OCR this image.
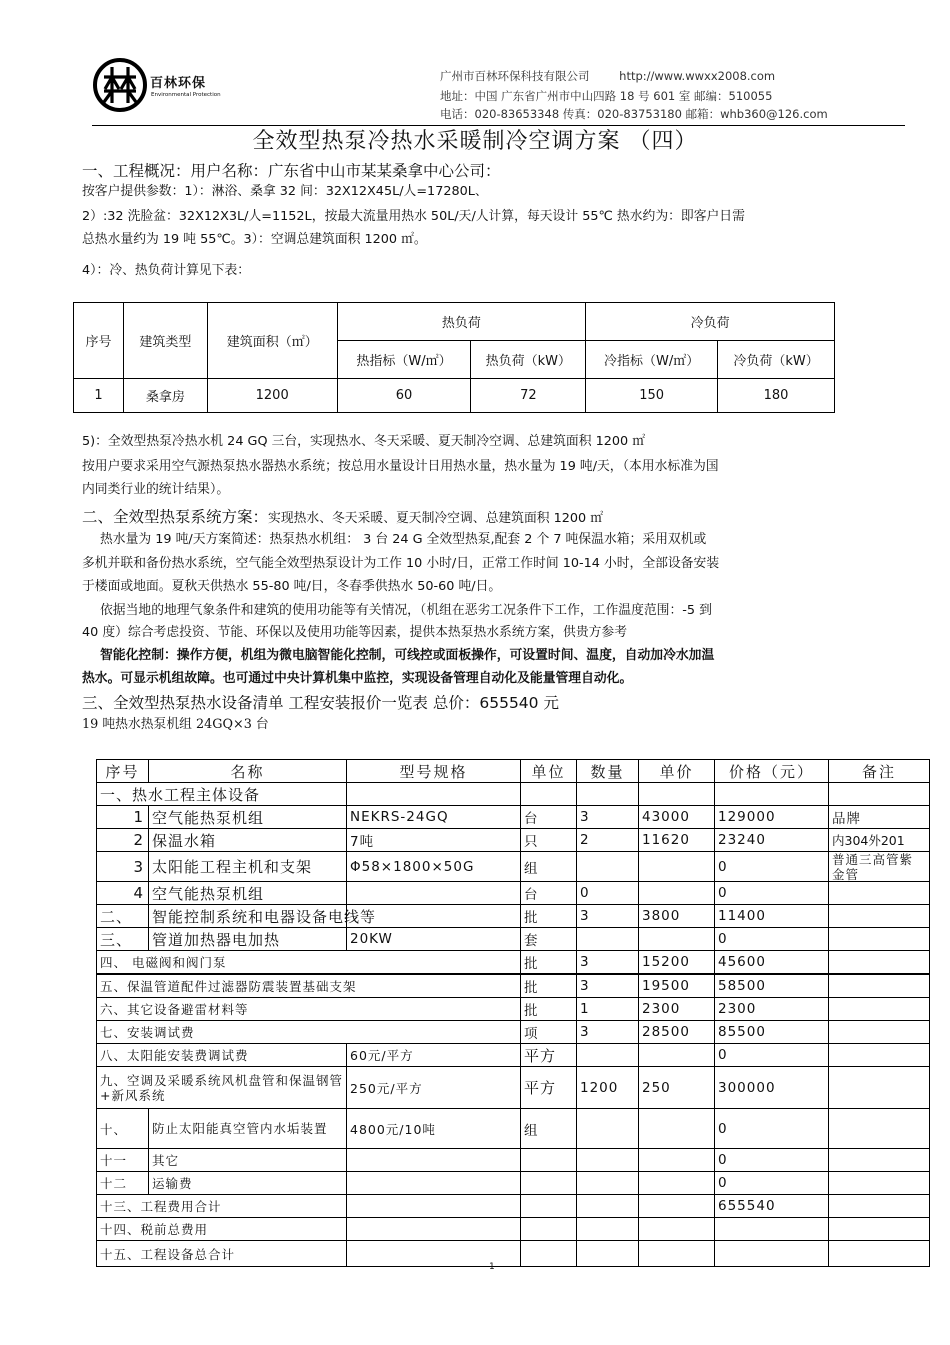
百林环保
Environmental Protection
广州市百林环保科技有限公司	http://www.wwxx2008.com
地址：中国 广东省广州市中山四路 18 号 601 室 邮编：510055
电话：020-83653348 传真：020-83753180 邮箱：whb360@126.com
全效型热泵冷热水采暖制冷空调方案 （四）
一、工程概况：用户名称：广东省中山市某某桑拿中心公司：
按客户提供参数：1）：淋浴、桑拿 32 间：32X12X45L/人=17280L、
2）:32 洗脸盆：32X12X3L/人=1152L，按最大流量用热水 50L/天/人计算，每天设计 55℃ 热水约为：即客户日需
总热水量约为 19 吨 55℃。3）：空调总建筑面积 1200 ㎡。
4）：冷、热负荷计算见下表：
序号	建筑类型	建筑面积（㎡）	热负荷		冷负荷	
			热指标（W/㎡）	热负荷（kW）	冷指标（W/㎡）	冷负荷（kW）
1	桑拿房	1200	60	72	150	180
5)：全效型热泵冷热水机 24 GQ 三台，实现热水、冬天采暖、夏天制冷空调、总建筑面积 1200 ㎡
按用户要求采用空气源热泵热水器热水系统；按总用水量设计日用热水量，热水量为 19 吨/天，（本用水标准为国
内同类行业的统计结果）。
二、全效型热泵系统方案：实现热水、冬天采暖、夏天制冷空调、总建筑面积 1200 ㎡
热水量为 19 吨/天方案简述：热泵热水机组： 3 台 24 G 全效型热泵,配套 2 个 7 吨保温水箱；采用双机或
多机并联和备份热水系统，空气能全效型热泵设计为工作 10 小时/日，正常工作时间 10-14 小时，全部设备安装
于楼面或地面。夏秋天供热水 55-80 吨/日，冬春季供热水 50-60 吨/日。
依据当地的地理气象条件和建筑的使用功能等有关情况，（机组在恶劣工况条件下工作，工作温度范围：-5 到
40 度）综合考虑投资、节能、环保以及使用功能等因素，提供本热泵热水系统方案，供贵方参考
智能化控制：操作方便，机组为微电脑智能化控制，可线控或面板操作，可设置时间、温度，自动加冷水加温
热水。可显示机组故障。也可通过中央计算机集中监控，实现设备管理自动化及能量管理自动化。
三、全效型热泵热水设备清单 工程安装报价一览表 总价：655540 元
19 吨热水热泵机组 24GQ×3 台
序号	名称	型号规格	单位	数量	单价	价格（元）	备注
一、热水工程主体设备							
1	空气能热泵机组	NEKRS-24GQ	台	3	43000	129000	品牌
2	保温水箱	7吨	只	2	11620	23240	内304外201
3	太阳能工程主机和支架	Φ58×1800×50G	组			0	普通三高管紫金管

4	空气能热泵机组		台	0		0	
二、	智能控制系统和电器设备电线等		批	3	3800	11400	
三、	管道加热器电加热	20KW	套			0	
四、 电磁阀和阀门泵			批	3	15200	45600	
五、保温管道配件过滤器防震装置基础支架			批	3	19500	58500	
六、其它设备避雷材料等			批	1	2300	2300	
七、安装调试费			项	3	28500	85500	
八、太阳能安装费调试费		60元/平方	平方			0	
九、空调及采暖系统风机盘管和保温钢管+新风系统		250元/平方	平方	1200	250	300000	
十、	防止太阳能真空管内水垢装置	4800元/10吨	组			0	
十一	其它					0	
十二	运输费					0	
十三、工程费用合计						655540	
十四、税前总费用							
十五、工程设备总合计							
1
